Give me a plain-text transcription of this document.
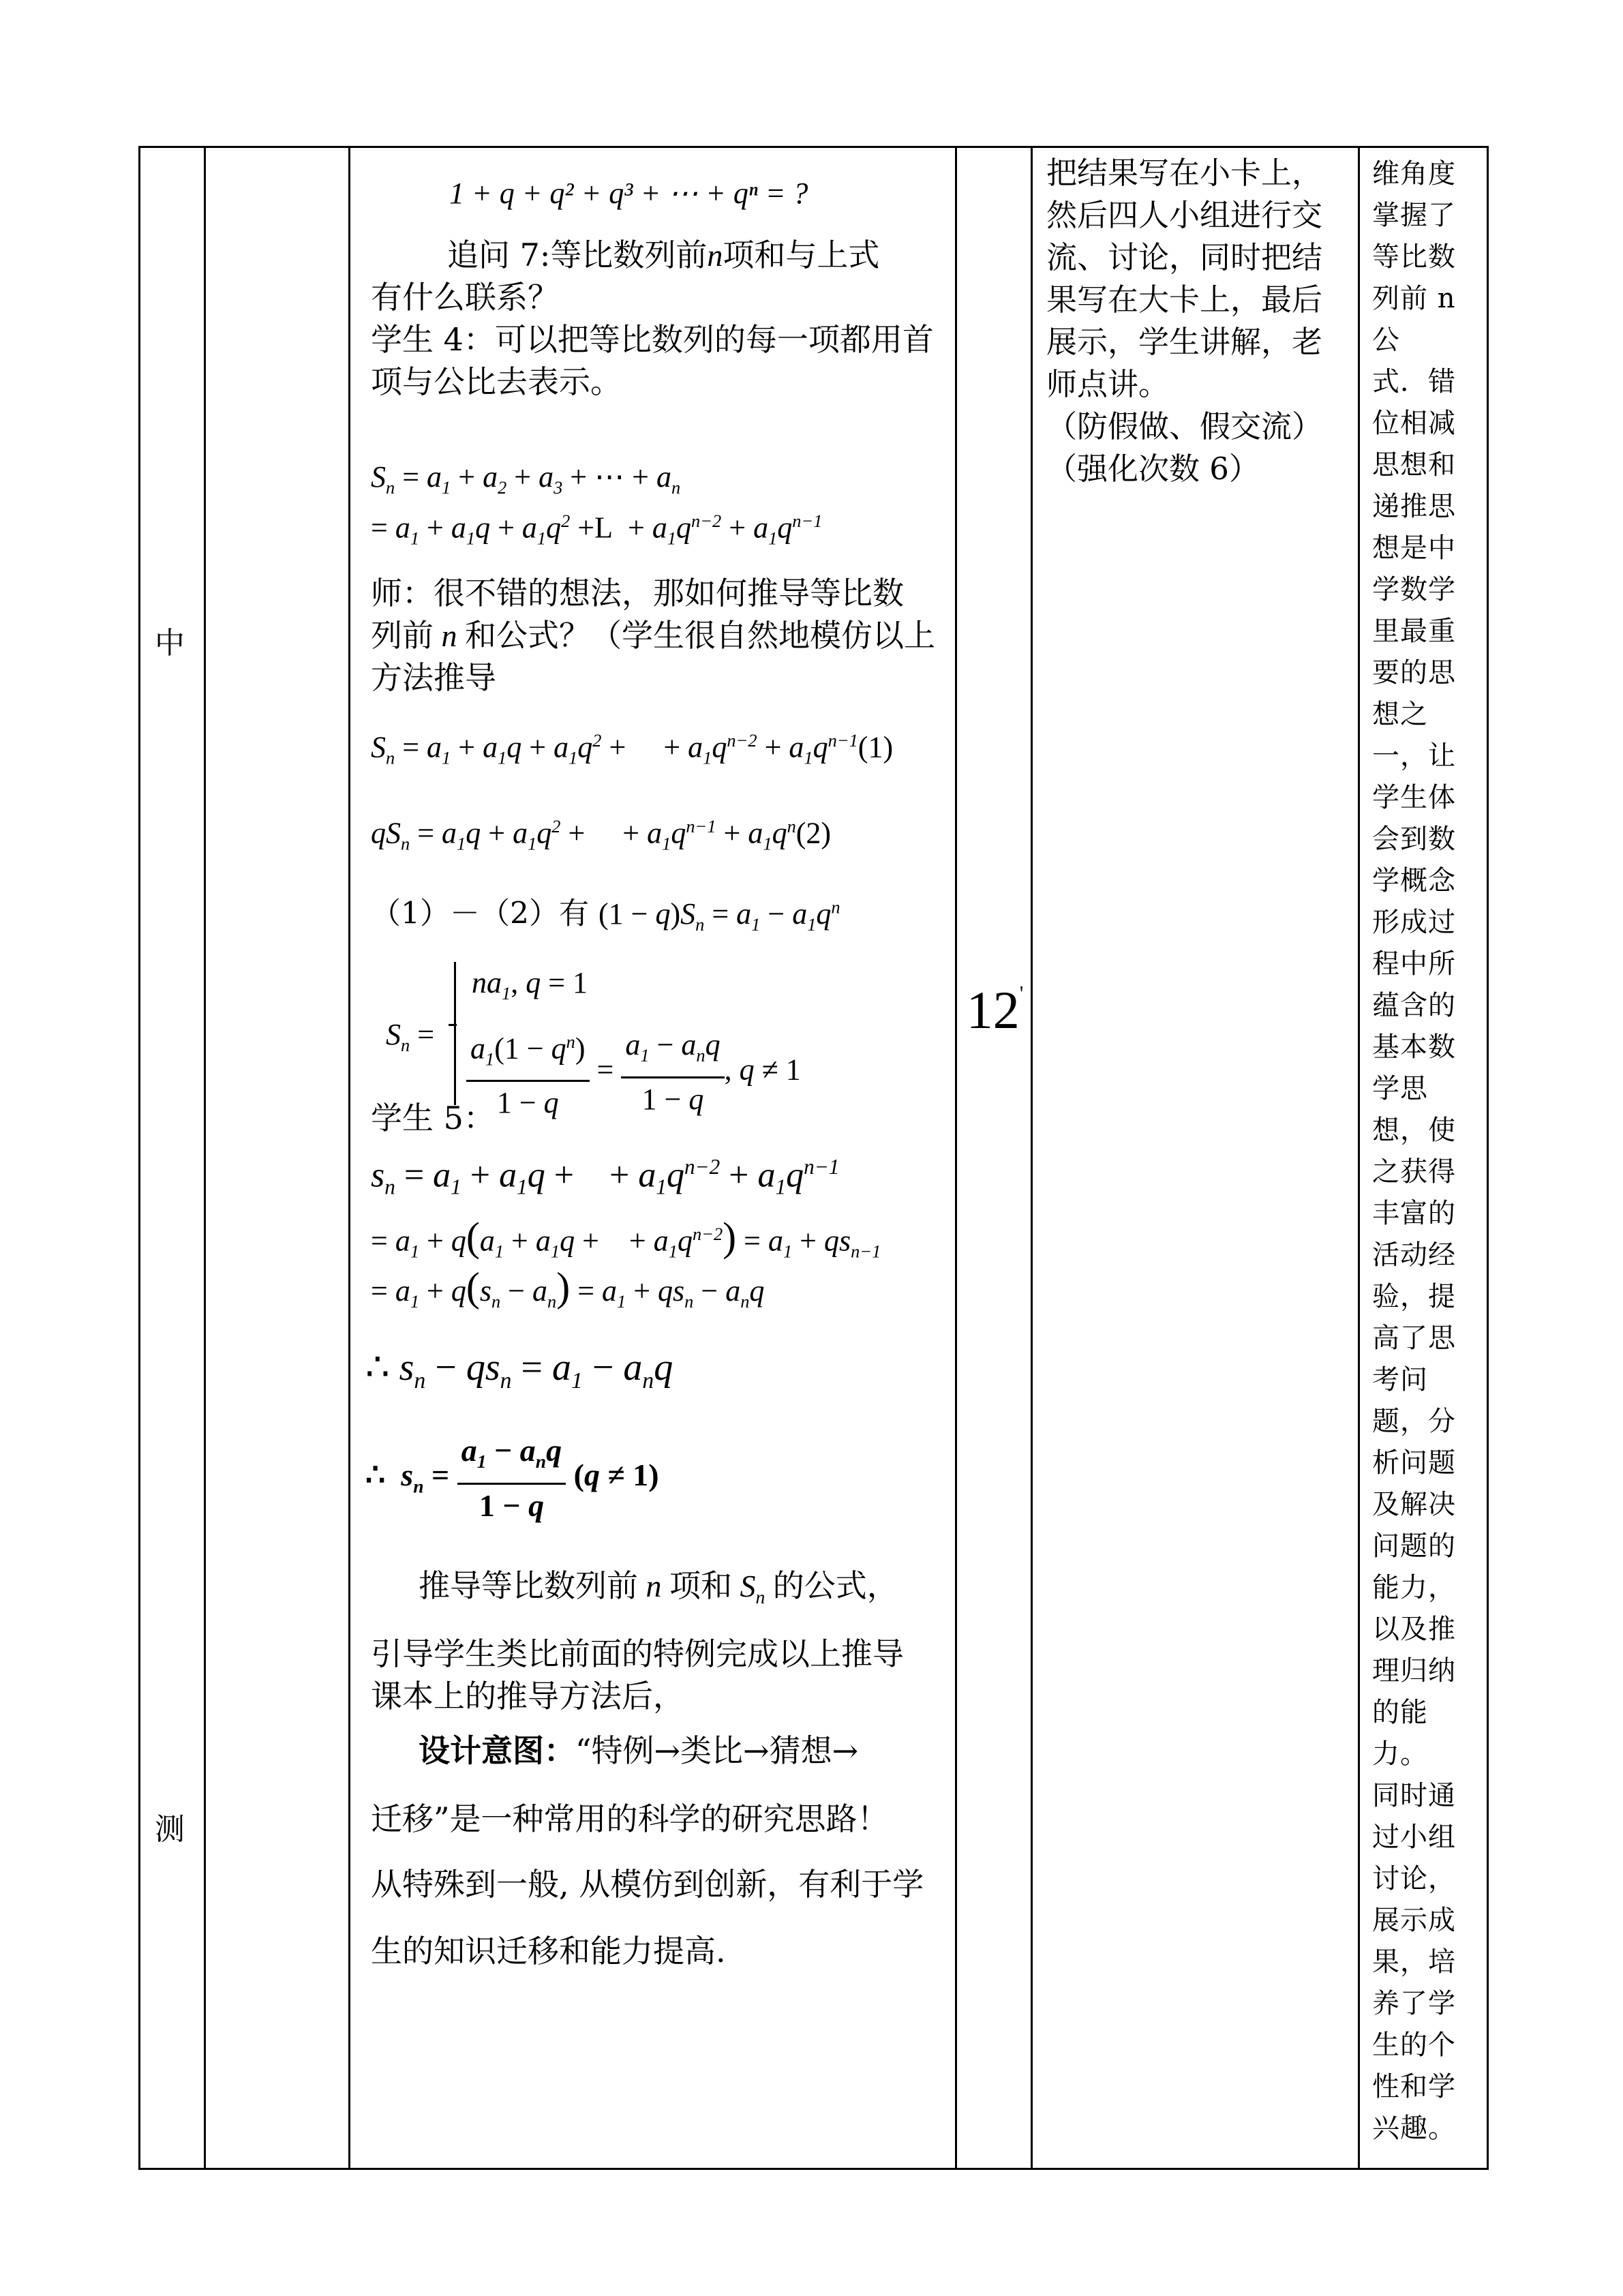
中
测
1 + q + q² + q³ + ⋯ + qⁿ = ?
追问 7:等比数列前n项和与上式
有什么联系？
学生 4：可以把等比数列的每一项都用首
项与公比去表示。
$S_n = a_1 + a_2 + a_3$ + ⋯ + $a_n$
= $a_1 + a_1q + a_1q^2 +L + a_1q^{n-2} + a_1q^{n-1}$
师：很不错的想法，那如何推导等比数
列前 n 和公式？（学生很自然地模仿以上
方法推导
$S_n = a_1 + a_1q + a_1q^2$ + + $a_1q^{n-2} + a_1q^{n-1}(1)$
$qS_n = a_1q + a_1q^2$ + + $a_1q^{n-1} + a_1q^n(2)$
（1）－（2）有 $(1 - q)S_n = a_1 - a_1q^n$
$S_n$ =
$na_1$, q = 1
$\frac{a_1(1 - q^n)}{1 - q} = \frac{a_1 - a_nq}{1 - q}$ , q ≠ 1
学生 5：
$s_n = a_1 + a_1q$ + + $a_1q^{n-2} + a_1q^{n-1}$
= $a_1 + q(a_1 + a_1q$ + + $a_1q^{n-2}) = a_1 + qs_{n-1}$
= $a_1 + q(s_n - a_n) = a_1 + qs_n - a_nq$
∴ $s_n - qs_n = a_1 - a_nq$
∴  $s_n = \frac{a_1 - a_nq}{1 - q} (q \ne 1)$
推导等比数列前 n 项和 $S_n$ 的公式，
引导学生类比前面的特例完成以上推导
课本上的推导方法后，
设计意图：“特例→类比→猜想→
迁移”是一种常用的科学的研究思路！
从特殊到一般, 从模仿到创新，有利于学
生的知识迁移和能力提高.
12'
把结果写在小卡上，
然后四人小组进行交
流、讨论，同时把结
果写在大卡上，最后
展示，学生讲解，老
师点讲。
（防假做、假交流）
（强化次数 6）
维角度
掌握了
等比数
列前 n
公
式．错
位相减
思想和
递推思
想是中
学数学
里最重
要的思
想之
一，让
学生体
会到数
学概念
形成过
程中所
蕴含的
基本数
学思
想，使
之获得
丰富的
活动经
验，提
高了思
考问
题，分
析问题
及解决
问题的
能力，
以及推
理归纳
的能
力。
同时通
过小组
讨论，
展示成
果，培
养了学
生的个
性和学
兴趣。
